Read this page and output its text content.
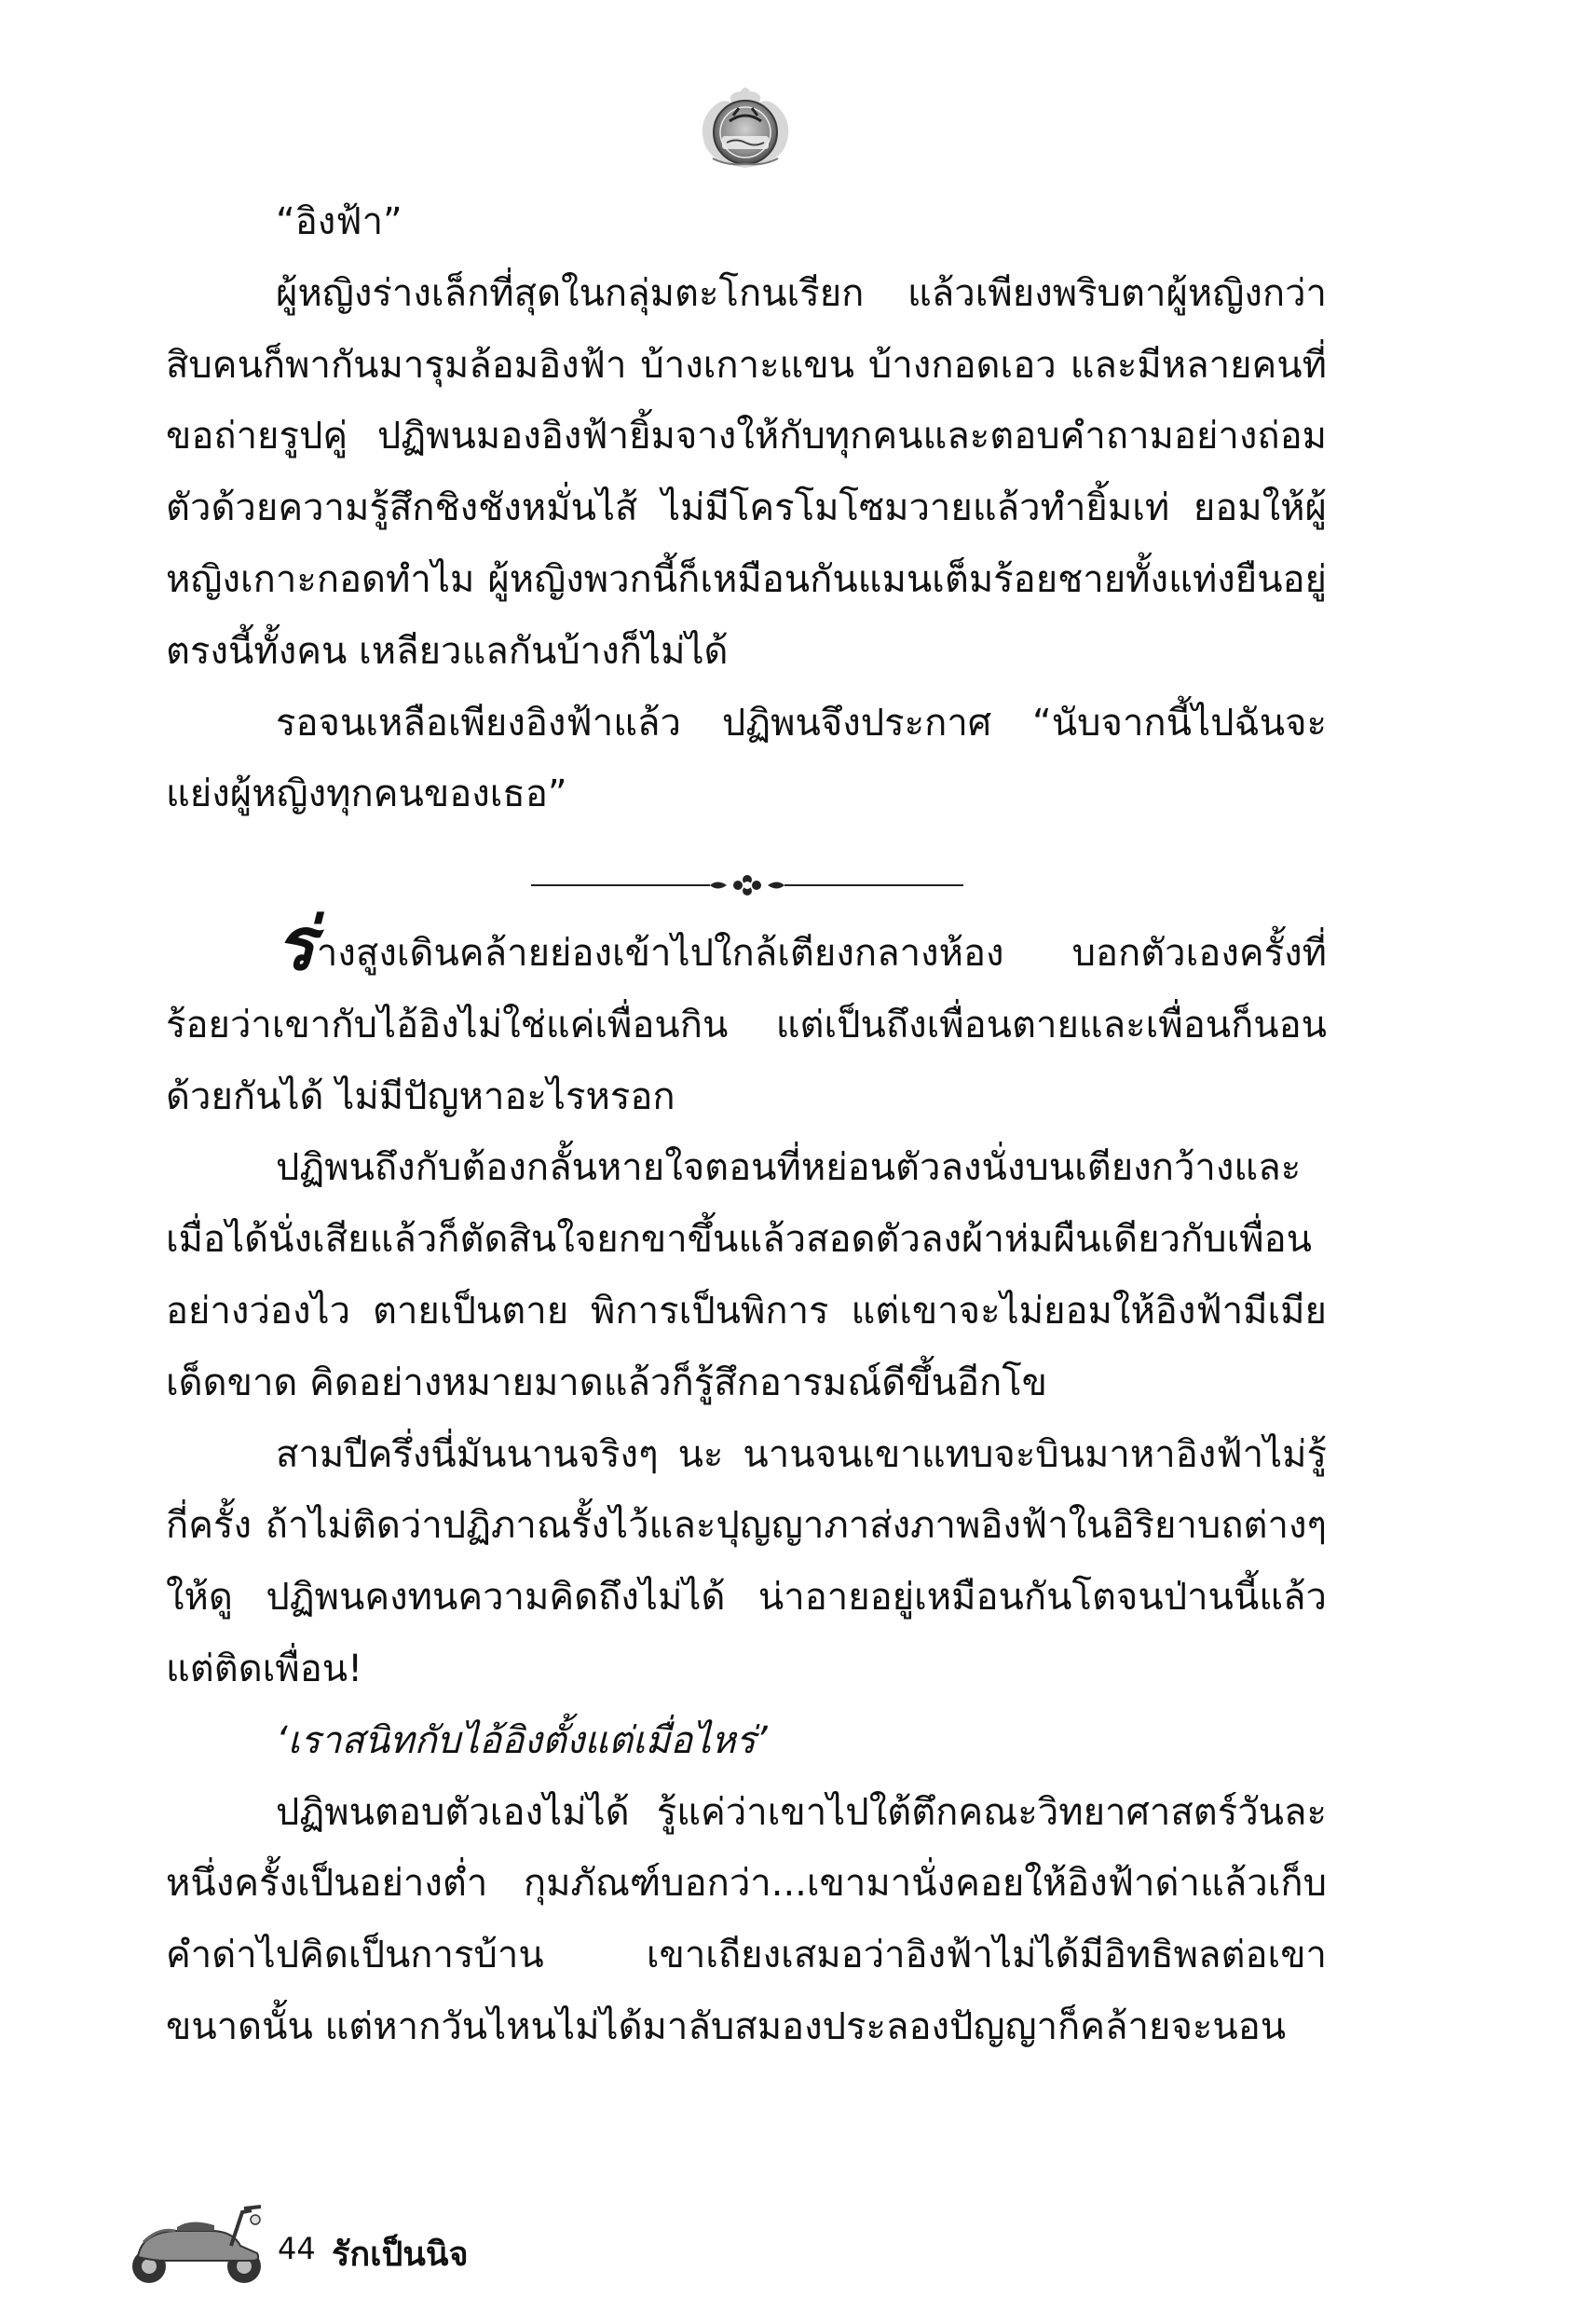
“อิงฟ้า”

ผู้หญิงร่างเล็กที่สุดในกลุ่มตะโกนเรียก แล้วเพียงพริบตาผู้หญิงกว่าสิบคนก็พากันมารุมล้อมอิงฟ้า บ้างเกาะแขน บ้างกอดเอว และมีหลายคนที่ขอถ่ายรูปคู่ ปฏิพนมองอิงฟ้ายิ้มจางให้กับทุกคนและตอบคำถามอย่างถ่อมตัวด้วยความรู้สึกชิงชังหมั่นไส้ ไม่มีโครโมโซมวายแล้วทำยิ้มเท่ ยอมให้ผู้หญิงเกาะกอดทำไม ผู้หญิงพวกนี้ก็เหมือนกันแมนเต็มร้อยชายทั้งแท่งยืนอยู่ตรงนี้ทั้งคน เหลียวแลกันบ้างก็ไม่ได้

รอจนเหลือเพียงอิงฟ้าแล้ว ปฏิพนจึงประกาศ “นับจากนี้ไปฉันจะแย่งผู้หญิงทุกคนของเธอ”

ร่างสูงเดินคล้ายย่องเข้าไปใกล้เตียงกลางห้อง บอกตัวเองครั้งที่ร้อยว่าเขากับไอ้อิงไม่ใช่แค่เพื่อนกิน แต่เป็นถึงเพื่อนตายและเพื่อนก็นอนด้วยกันได้ ไม่มีปัญหาอะไรหรอก

ปฏิพนถึงกับต้องกลั้นหายใจตอนที่หย่อนตัวลงนั่งบนเตียงกว้างและเมื่อได้นั่งเสียแล้วก็ตัดสินใจยกขาขึ้นแล้วสอดตัวลงผ้าห่มผืนเดียวกับเพื่อนอย่างว่องไว ตายเป็นตาย พิการเป็นพิการ แต่เขาจะไม่ยอมให้อิงฟ้ามีเมียเด็ดขาด คิดอย่างหมายมาดแล้วก็รู้สึกอารมณ์ดีขึ้นอีกโข

สามปีครึ่งนี่มันนานจริงๆ นะ นานจนเขาแทบจะบินมาหาอิงฟ้าไม่รู้กี่ครั้ง ถ้าไม่ติดว่าปฏิภาณรั้งไว้และปุญญาภาส่งภาพอิงฟ้าในอิริยาบถต่างๆ ให้ดู ปฏิพนคงทนความคิดถึงไม่ได้ น่าอายอยู่เหมือนกันโตจนป่านนี้แล้วแต่ติดเพื่อน!

‘เราสนิทกับไอ้อิงตั้งแต่เมื่อไหร่’

ปฏิพนตอบตัวเองไม่ได้ รู้แค่ว่าเขาไปใต้ตึกคณะวิทยาศาสตร์วันละหนึ่งครั้งเป็นอย่างต่ำ กุมภัณฑ์บอกว่า...เขามานั่งคอยให้อิงฟ้าด่าแล้วเก็บคำด่าไปคิดเป็นการบ้าน เขาเถียงเสมอว่าอิงฟ้าไม่ได้มีอิทธิพลต่อเขาขนาดนั้น แต่หากวันไหนไม่ได้มาลับสมองประลองปัญญาก็คล้ายจะนอน

44 รักเป็นนิจ
